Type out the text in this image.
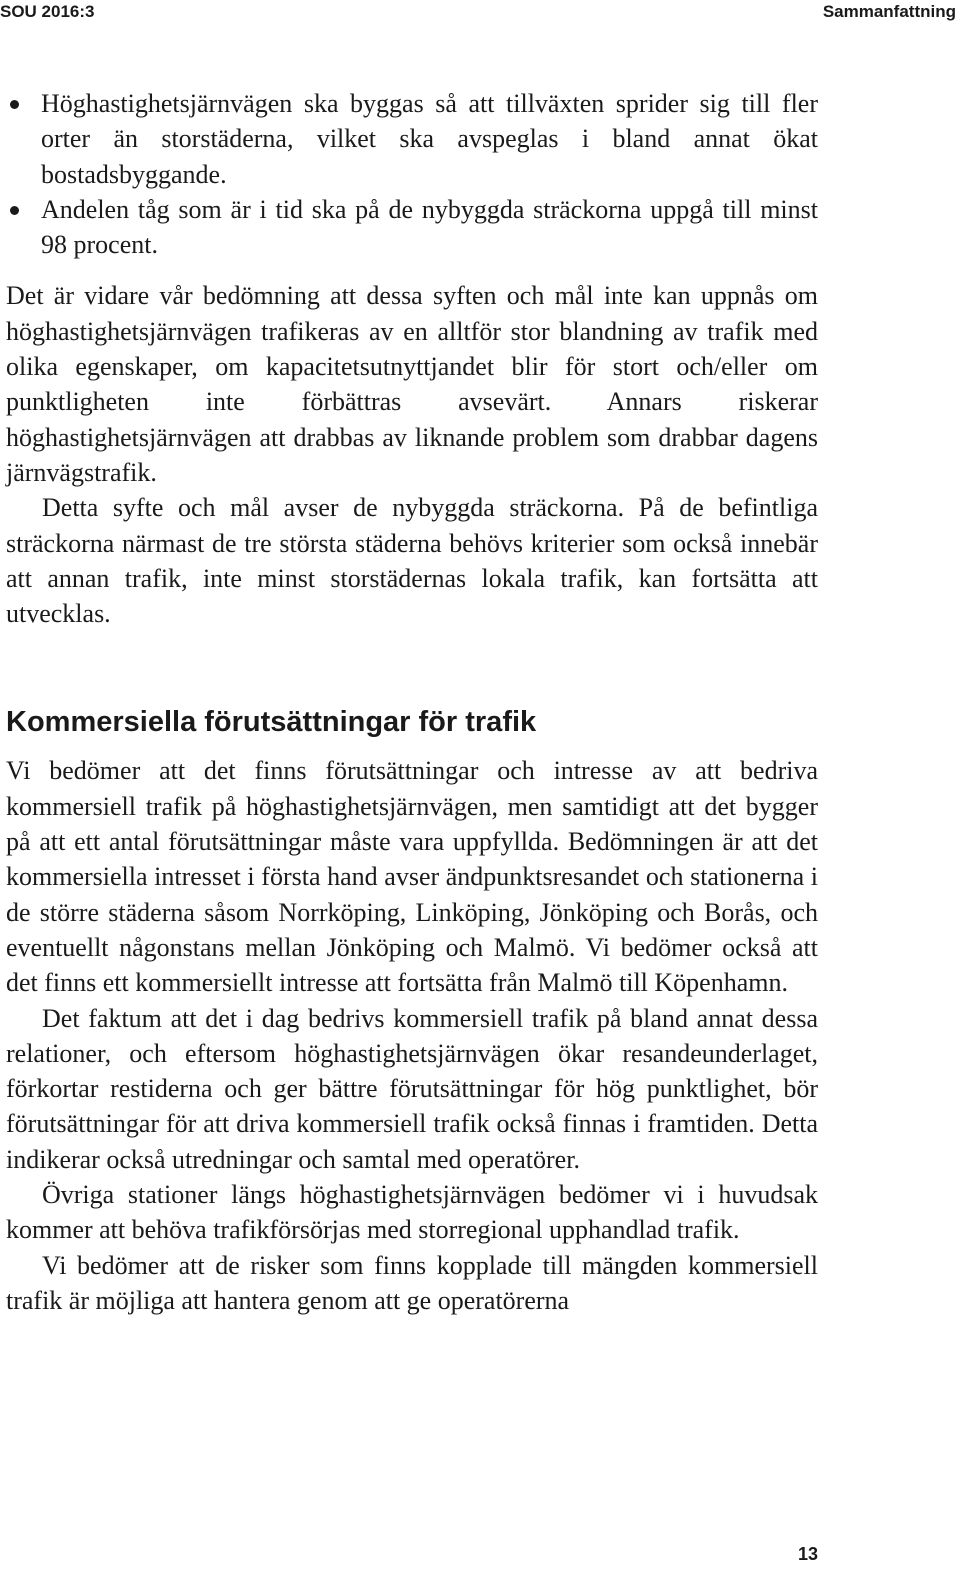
SOU 2016:3	Sammanfattning
Höghastighetsjärnvägen ska byggas så att tillväxten sprider sig till fler orter än storstäderna, vilket ska avspeglas i bland annat ökat bostadsbyggande.
Andelen tåg som är i tid ska på de nybyggda sträckorna uppgå till minst 98 procent.

Det är vidare vår bedömning att dessa syften och mål inte kan uppnås om höghastighetsjärnvägen trafikeras av en alltför stor blandning av trafik med olika egenskaper, om kapacitetsutnyttjandet blir för stort och/eller om punktligheten inte förbättras avsevärt. Annars riskerar höghastighetsjärnvägen att drabbas av liknande problem som drabbar dagens järnvägstrafik.

Detta syfte och mål avser de nybyggda sträckorna. På de befintliga sträckorna närmast de tre största städerna behövs kriterier som också innebär att annan trafik, inte minst storstädernas lokala trafik, kan fortsätta att utvecklas.

Kommersiella förutsättningar för trafik

Vi bedömer att det finns förutsättningar och intresse av att bedriva kommersiell trafik på höghastighetsjärnvägen, men samtidigt att det bygger på att ett antal förutsättningar måste vara uppfyllda. Bedömningen är att det kommersiella intresset i första hand avser ändpunktsresandet och stationerna i de större städerna såsom Norrköping, Linköping, Jönköping och Borås, och eventuellt någonstans mellan Jönköping och Malmö. Vi bedömer också att det finns ett kommersiellt intresse att fortsätta från Malmö till Köpenhamn.

Det faktum att det i dag bedrivs kommersiell trafik på bland annat dessa relationer, och eftersom höghastighetsjärnvägen ökar resandeunderlaget, förkortar restiderna och ger bättre förutsättningar för hög punktlighet, bör förutsättningar för att driva kommersiell trafik också finnas i framtiden. Detta indikerar också utredningar och samtal med operatörer.

Övriga stationer längs höghastighetsjärnvägen bedömer vi i huvudsak kommer att behöva trafikförsörjas med storregional upphandlad trafik.

Vi bedömer att de risker som finns kopplade till mängden kommersiell trafik är möjliga att hantera genom att ge operatörerna

13
